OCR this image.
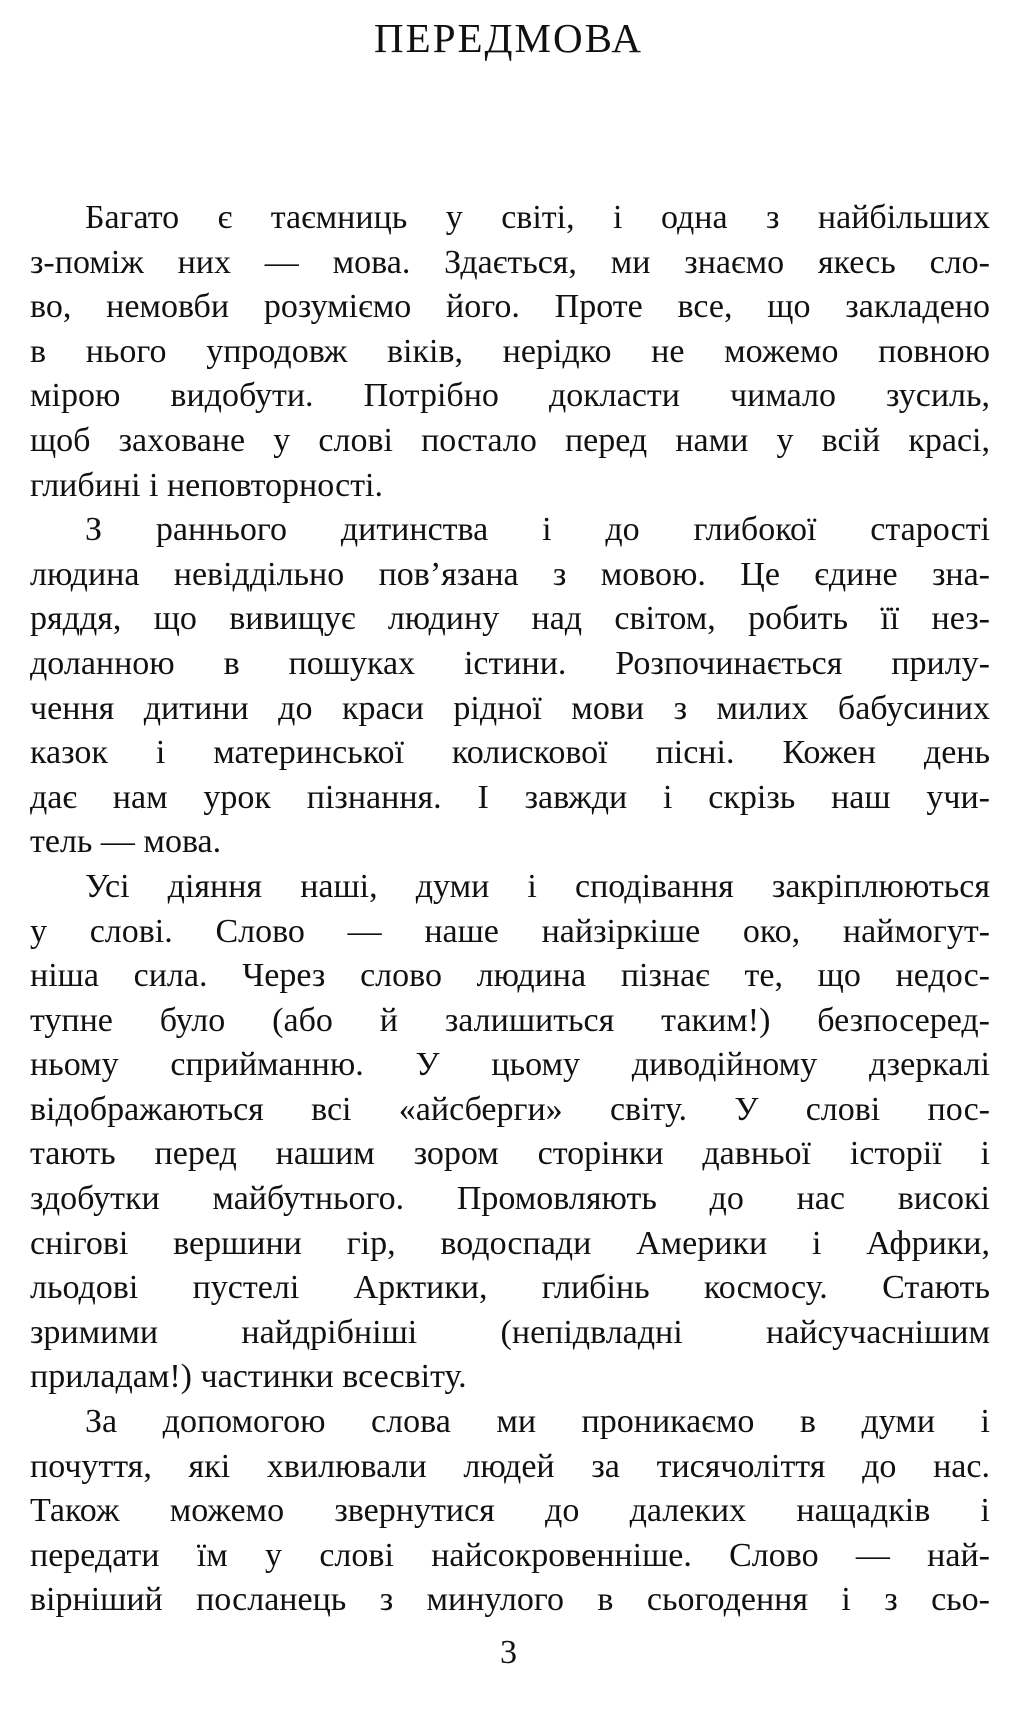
ПЕРЕДМОВА
Багато є таємниць у світі, і одна з найбільших
з-поміж них — мова. Здається, ми знаємо якесь сло-
во, немовби розуміємо його. Проте все, що закладено
в нього упродовж віків, нерідко не можемо повною
мірою видобути. Потрібно докласти чимало зусиль,
щоб захoване у слові постало перед нами у всій красі,
глибині і неповторності.
З раннього дитинства і до глибокої старості
людина невіддільно пов’язана з мовою. Це єдине зна-
ряддя, що вивищує людину над світом, робить її нез-
доланною в пошуках істини. Розпочинається прилу-
чення дитини до краси рідної мови з милих бабусиних
казок і материнської колискової пісні. Кожен день
дає нам урок пізнання. І завжди і скрізь наш учи-
тель — мова.
Усі діяння наші, думи і сподівання закріплюються
у слові. Слово — наше найзіркіше око, наймогут-
ніша сила. Через слово людина пізнає те, що недос-
тупне було (або й залишиться таким!) безпосеред-
ньому сприйманню. У цьому диводійному дзеркалі
відображаються всі «айсберги» світу. У слові пос-
тають перед нашим зором сторінки давньої історії і
здобутки майбутнього. Промовляють до нас високі
снігові вершини гір, водоспади Америки і Африки,
льодові пустелі Арктики, глибінь космосу. Стають
зримими найдрібніші (непідвладні найсучаснішим
приладам!) частинки всесвіту.
За допомогою слова ми проникаємо в думи і
почуття, які хвилювали людей за тисячоліття до нас.
Також можемо звернутися до далеких нащадків і
передати їм у слові найсокровенніше. Слово — най-
вірніший посланець з минулого в сьогодення і з сьо-

3
